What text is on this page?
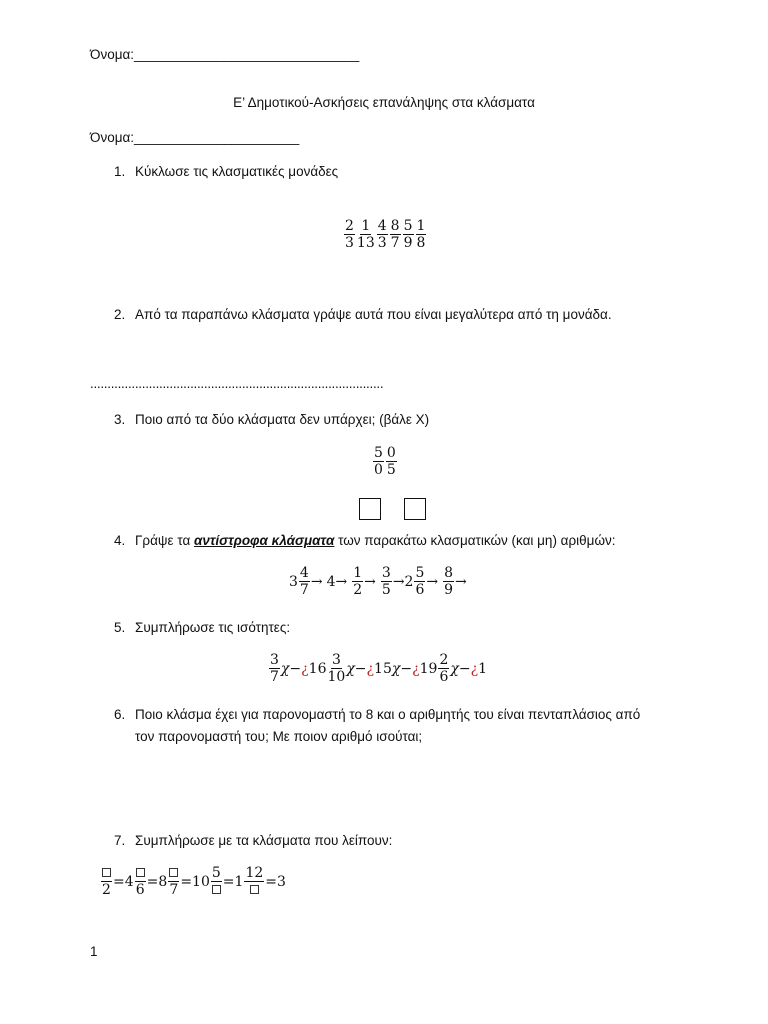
Όνομα:______________________________
Ε’ Δημοτικού-Ασκήσεις επανάληψης στα κλάσματα
Όνομα:______________________
1. Κύκλωσε τις κλασματικές μονάδες
$\frac{2}{3} \frac{1}{13} \frac{4}{3} \frac{8}{7} \frac{5}{9} \frac{1}{8}$
2. Από τα παραπάνω κλάσματα γράψε αυτά που είναι μεγαλύτερα από τη μονάδα.
.....................................................................................
3. Ποιο από τα δύο κλάσματα δεν υπάρχει; (βάλε Χ)
$\frac{5}{0} \frac{0}{5}$
4. Γράψε τα αντίστροφα κλάσματα των παρακάτω κλασματικών (και μη) αριθμών:
$3 \frac{4}{7} \to 4 \to \frac{1}{2} \to \frac{3}{5} \to 2 \frac{5}{6} \to \frac{8}{9}$ →
5. Συμπλήρωσε τις ισότητες:
$\frac{3}{7}$ χ − ¿ $16 \frac{3}{10}$ χ − ¿ 15 χ − ¿ $19 \frac{2}{6}$ χ − ¿ 1
6. Ποιο κλάσμα έχει για παρονομαστή το 8 και ο αριθμητής του είναι πενταπλάσιος από
τον παρονομαστή του; Με ποιον αριθμό ισούται;
7. Συμπλήρωσε με τα κλάσματα που λείπουν:
2
= 4
6
= 8
7
= 10
5
= 1
12
= 3
1
